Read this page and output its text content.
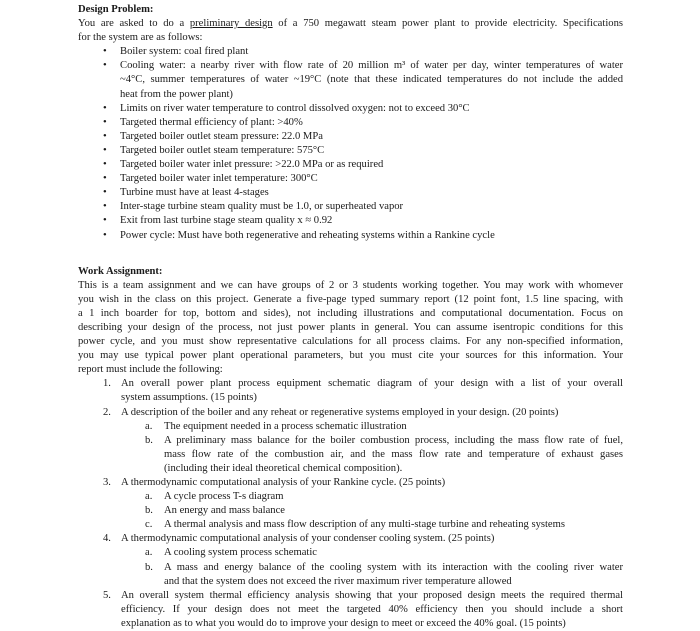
Design Problem:
You are asked to do a preliminary design of a 750 megawatt steam power plant to provide electricity. Specifications
for the system are as follows:
• Boiler system: coal fired plant
• Cooling water: a nearby river with flow rate of 20 million m³ of water per day, winter temperatures of water
~4°C, summer temperatures of water ~19°C (note that these indicated temperatures do not include the added
heat from the power plant)
• Limits on river water temperature to control dissolved oxygen: not to exceed 30°C
• Targeted thermal efficiency of plant: >40%
• Targeted boiler outlet steam pressure: 22.0 MPa
• Targeted boiler outlet steam temperature: 575°C
• Targeted boiler water inlet pressure: >22.0 MPa or as required
• Targeted boiler water inlet temperature: 300°C
• Turbine must have at least 4-stages
• Inter-stage turbine steam quality must be 1.0, or superheated vapor
• Exit from last turbine stage steam quality x ≈ 0.92
• Power cycle: Must have both regenerative and reheating systems within a Rankine cycle
Work Assignment:
This is a team assignment and we can have groups of 2 or 3 students working together. You may work with whomever
you wish in the class on this project. Generate a five-page typed summary report (12 point font, 1.5 line spacing, with
a 1 inch boarder for top, bottom and sides), not including illustrations and computational documentation. Focus on
describing your design of the process, not just power plants in general. You can assume isentropic conditions for this
power cycle, and you must show representative calculations for all process claims. For any non-specified information,
you may use typical power plant operational parameters, but you must cite your sources for this information. Your
report must include the following:
1. An overall power plant process equipment schematic diagram of your design with a list of your overall
system assumptions. (15 points)
2. A description of the boiler and any reheat or regenerative systems employed in your design. (20 points)
a. The equipment needed in a process schematic illustration
b. A preliminary mass balance for the boiler combustion process, including the mass flow rate of fuel,
mass flow rate of the combustion air, and the mass flow rate and temperature of exhaust gases
(including their ideal theoretical chemical composition).
3. A thermodynamic computational analysis of your Rankine cycle. (25 points)
a. A cycle process T-s diagram
b. An energy and mass balance
c. A thermal analysis and mass flow description of any multi-stage turbine and reheating systems
4. A thermodynamic computational analysis of your condenser cooling system. (25 points)
a. A cooling system process schematic
b. A mass and energy balance of the cooling system with its interaction with the cooling river water
and that the system does not exceed the river maximum river temperature allowed
5. An overall system thermal efficiency analysis showing that your proposed design meets the required thermal
efficiency. If your design does not meet the targeted 40% efficiency then you should include a short
explanation as to what you would do to improve your design to meet or exceed the 40% goal. (15 points)
